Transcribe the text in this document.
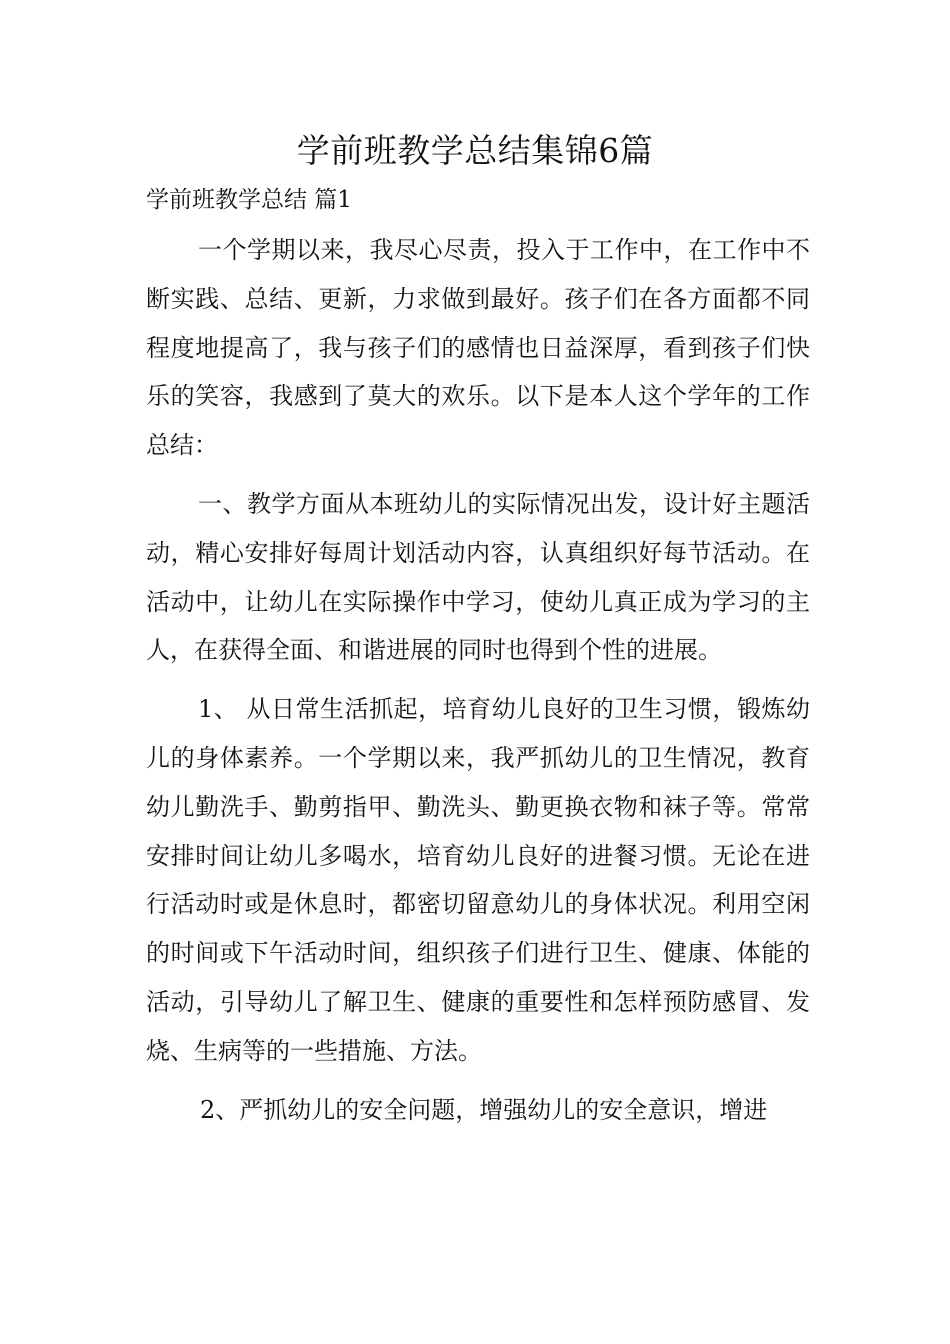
学前班教学总结集锦6篇
学前班教学总结 篇1

一个学期以来，我尽心尽责，投入于工作中，在工作中不断实践、总结、更新，力求做到最好。孩子们在各方面都不同程度地提高了，我与孩子们的感情也日益深厚，看到孩子们快乐的笑容，我感到了莫大的欢乐。以下是本人这个学年的工作总结：

一、教学方面从本班幼儿的实际情况出发，设计好主题活动，精心安排好每周计划活动内容，认真组织好每节活动。在活动中，让幼儿在实际操作中学习，使幼儿真正成为学习的主人，在获得全面、和谐进展的同时也得到个性的进展。

1、 从日常生活抓起，培育幼儿良好的卫生习惯，锻炼幼儿的身体素养。一个学期以来，我严抓幼儿的卫生情况，教育幼儿勤洗手、勤剪指甲、勤洗头、勤更换衣物和袜子等。常常安排时间让幼儿多喝水，培育幼儿良好的进餐习惯。无论在进行活动时或是休息时，都密切留意幼儿的身体状况。利用空闲的时间或下午活动时间，组织孩子们进行卫生、健康、体能的活动，引导幼儿了解卫生、健康的重要性和怎样预防感冒、发烧、生病等的一些措施、方法。

2、严抓幼儿的安全问题，增强幼儿的安全意识，增进
